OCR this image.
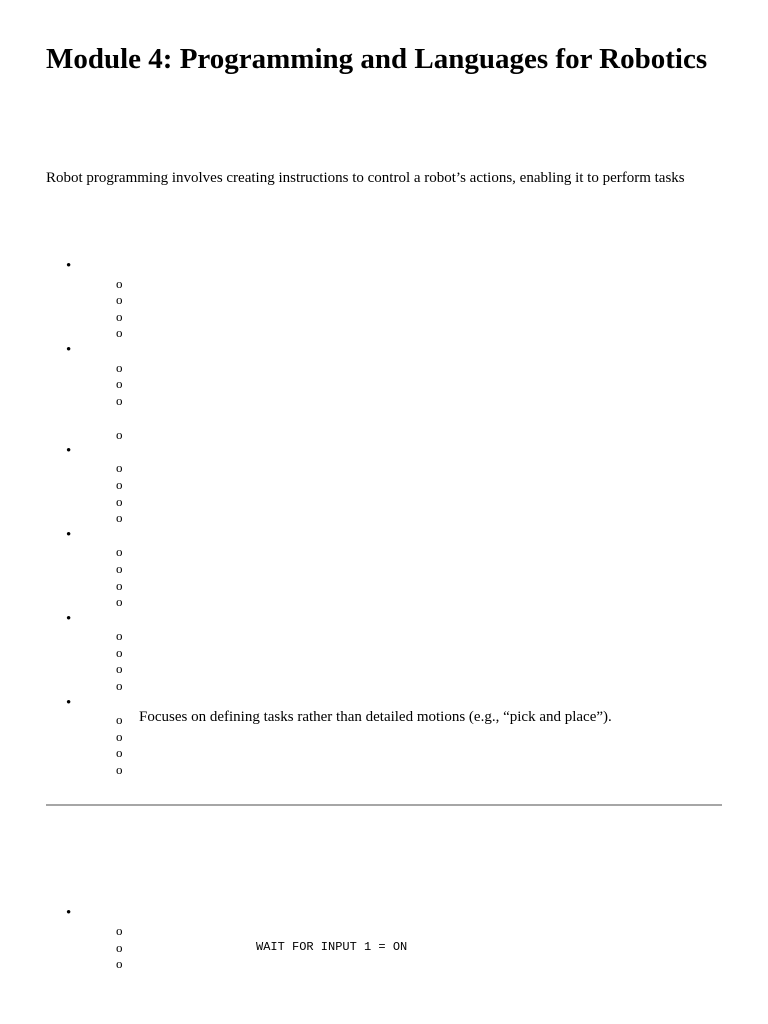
Module 4: Programming and Languages for Robotics

Robot programming involves creating instructions to control a robot’s actions, enabling it to perform tasks

•
o
o
o
o
•
o
o
o
o
•
o
o
o
o
•
o
o
o
o
•
o
o
o
o
•
o Focuses on defining tasks rather than detailed motions (e.g., “pick and place”).
o
o
o
•
o
o	WAIT FOR INPUT 1 = ON
o
